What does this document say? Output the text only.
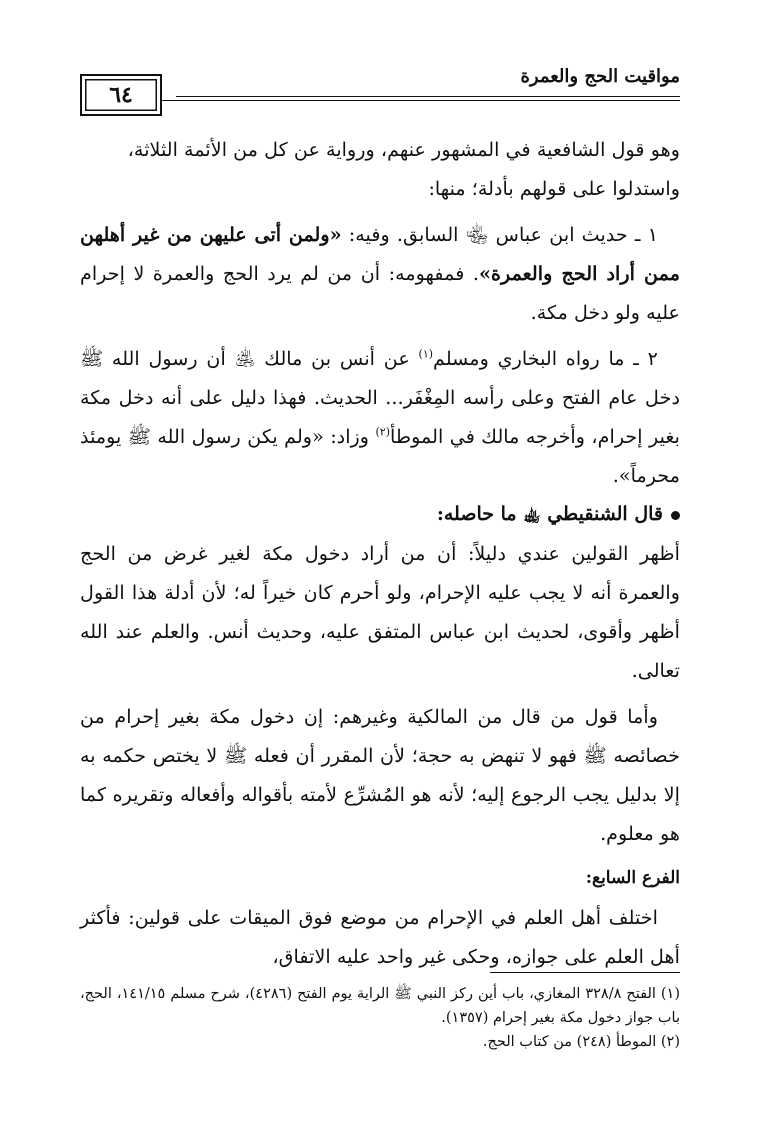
مواقيت الحج والعمرة
٦٤

وهو قول الشافعية في المشهور عنهم، ورواية عن كل من الأئمة الثلاثة،
واستدلوا على قولهم بأدلة؛ منها:

١ ـ حديث ابن عباس ﵄ السابق. وفيه: «ولمن أتى عليهن من غير أهلهن ممن أراد الحج والعمرة». فمفهومه: أن من لم يرد الحج والعمرة لا إحرام عليه ولو دخل مكة.

٢ ـ ما رواه البخاري ومسلم$^{(١)}$ عن أنس بن مالك ﵁ أن رسول الله ﷺ دخل عام الفتح وعلى رأسه المِغْفَر... الحديث. فهذا دليل على أنه دخل مكة بغير إحرام، وأخرجه مالك في الموطأ$^{(٢)}$ وزاد: «ولم يكن رسول الله ﷺ يومئذ محرماً».

قال الشنقيطي ﵀ ما حاصله:

أظهر القولين عندي دليلاً: أن من أراد دخول مكة لغير غرض من الحج والعمرة أنه لا يجب عليه الإحرام، ولو أحرم كان خيراً له؛ لأن أدلة هذا القول أظهر وأقوى، لحديث ابن عباس المتفق عليه، وحديث أنس. والعلم عند الله تعالى.

وأما قول من قال من المالكية وغيرهم: إن دخول مكة بغير إحرام من خصائصه ﷺ فهو لا تنهض به حجة؛ لأن المقرر أن فعله ﷺ لا يختص حكمه به إلا بدليل يجب الرجوع إليه؛ لأنه هو المُشرِّع لأمته بأقواله وأفعاله وتقريره كما هو معلوم.

الفرع السابع:

اختلف أهل العلم في الإحرام من موضع فوق الميقات على قولين: فأكثر أهل العلم على جوازه، وحكى غير واحد عليه الاتفاق،

(١) الفتح ٣٢٨/٨ المغازي، باب أين ركز النبي ﷺ الراية يوم الفتح (٤٢٨٦)، شرح مسلم ١٤١/١٥، الحج، باب جواز دخول مكة بغير إحرام (١٣٥٧).

(٢) الموطأ (٢٤٨) من كتاب الحج.
